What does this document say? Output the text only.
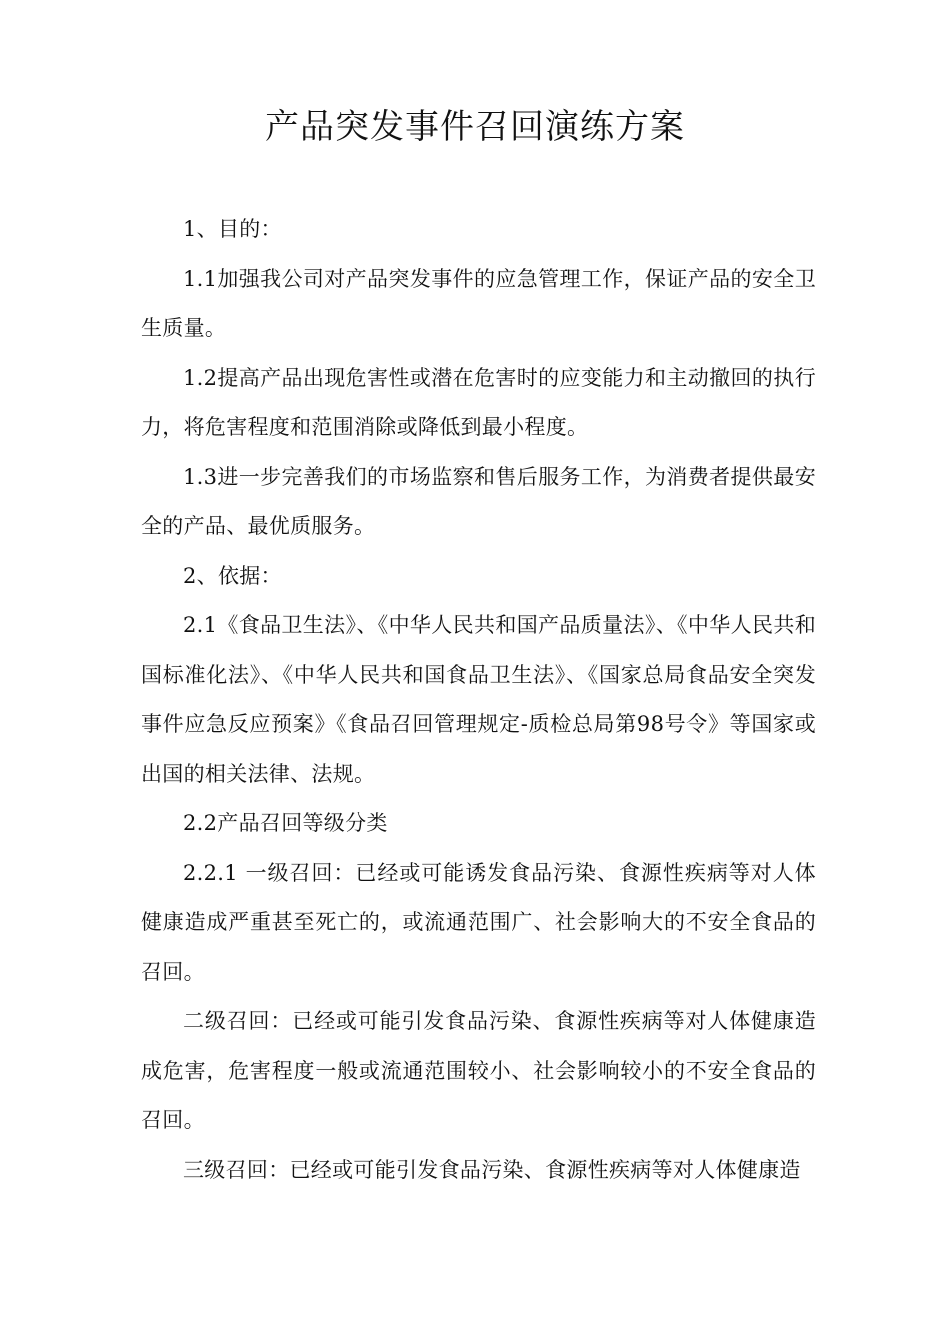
产品突发事件召回演练方案

1、目的：

1.1加强我公司对产品突发事件的应急管理工作，保证产品的安全卫生质量。

1.2提高产品出现危害性或潜在危害时的应变能力和主动撤回的执行力，将危害程度和范围消除或降低到最小程度。

1.3进一步完善我们的市场监察和售后服务工作，为消费者提供最安全的产品、最优质服务。

2、依据：

2.1《食品卫生法》、《中华人民共和国产品质量法》、《中华人民共和国标准化法》、《中华人民共和国食品卫生法》、《国家总局食品安全突发事件应急反应预案》《食品召回管理规定-质检总局第98号令》等国家或出国的相关法律、法规。

2.2产品召回等级分类

2.2.1 一级召回：已经或可能诱发食品污染、食源性疾病等对人体健康造成严重甚至死亡的，或流通范围广、社会影响大的不安全食品的召回。

二级召回：已经或可能引发食品污染、食源性疾病等对人体健康造成危害，危害程度一般或流通范围较小、社会影响较小的不安全食品的召回。

三级召回：已经或可能引发食品污染、食源性疾病等对人体健康造
